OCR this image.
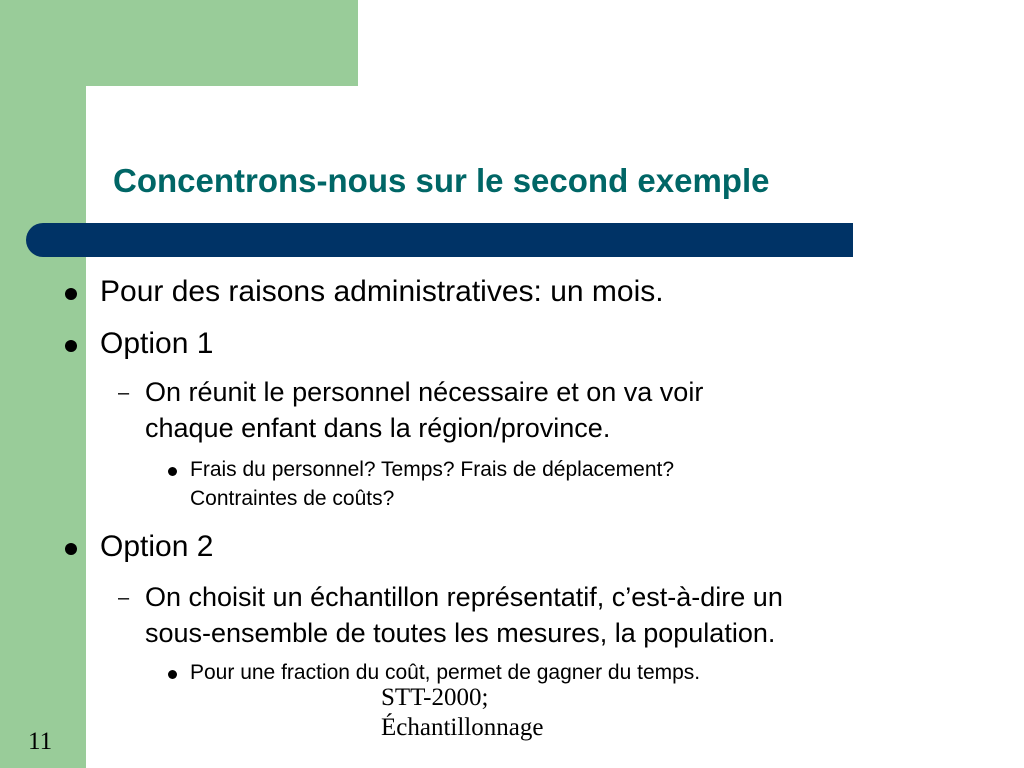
Concentrons-nous sur le second exemple
Pour des raisons administratives: un mois.
Option 1
– On réunit le personnel nécessaire et on va voir
chaque enfant dans la région/province.
Frais du personnel? Temps? Frais de déplacement?
Contraintes de coûts?
Option 2
– On choisit un échantillon représentatif, c’est-à-dire un
sous-ensemble de toutes les mesures, la population.
Pour une fraction du coût, permet de gagner du temps.
STT-2000;
Échantillonnage
11
